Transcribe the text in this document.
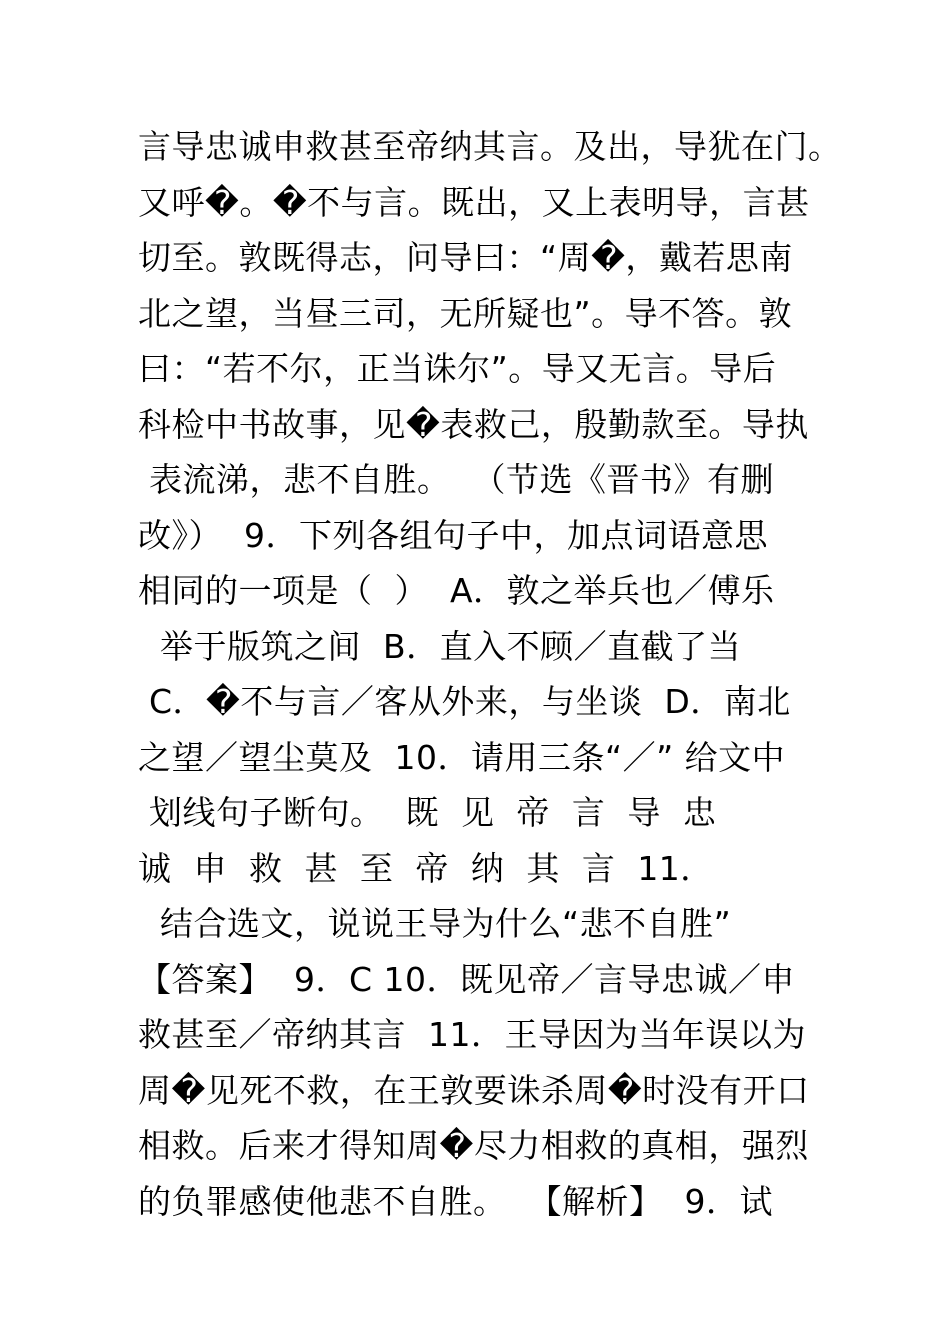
言导忠诚申救甚至帝纳其言。及出，导犹在门。
又呼�。�不与言。既出，又上表明导，言甚
切至。敦既得志，问导曰：“周�，戴若思南
北之望，当昼三司，无所疑也”。导不答。敦
曰：“若不尔，正当诛尔”。导又无言。导后
科检中书故事，见�表救己，殷勤款至。导执
表流涕，悲不自胜。  （节选《晋书》有删
改》）  9．下列各组句子中，加点词语意思
相同的一项是（  ）  A．敦之举兵也／傅乐
举于版筑之间  B．直入不顾／直截了当
C．�不与言／客从外来，与坐谈  D．南北
之望／望尘莫及  10．请用三条“／” 给文中
划线句子断句。  既  见  帝  言  导  忠
诚  申  救  甚  至  帝  纳  其  言  11．
结合选文，说说王导为什么“悲不自胜”
【答案】  9．C 10．既见帝／言导忠诚／申
救甚至／帝纳其言  11．王导因为当年误以为
周�见死不救，在王敦要诛杀周�时没有开口
相救。后来才得知周�尽力相救的真相，强烈
的负罪感使他悲不自胜。  【解析】  9．试
